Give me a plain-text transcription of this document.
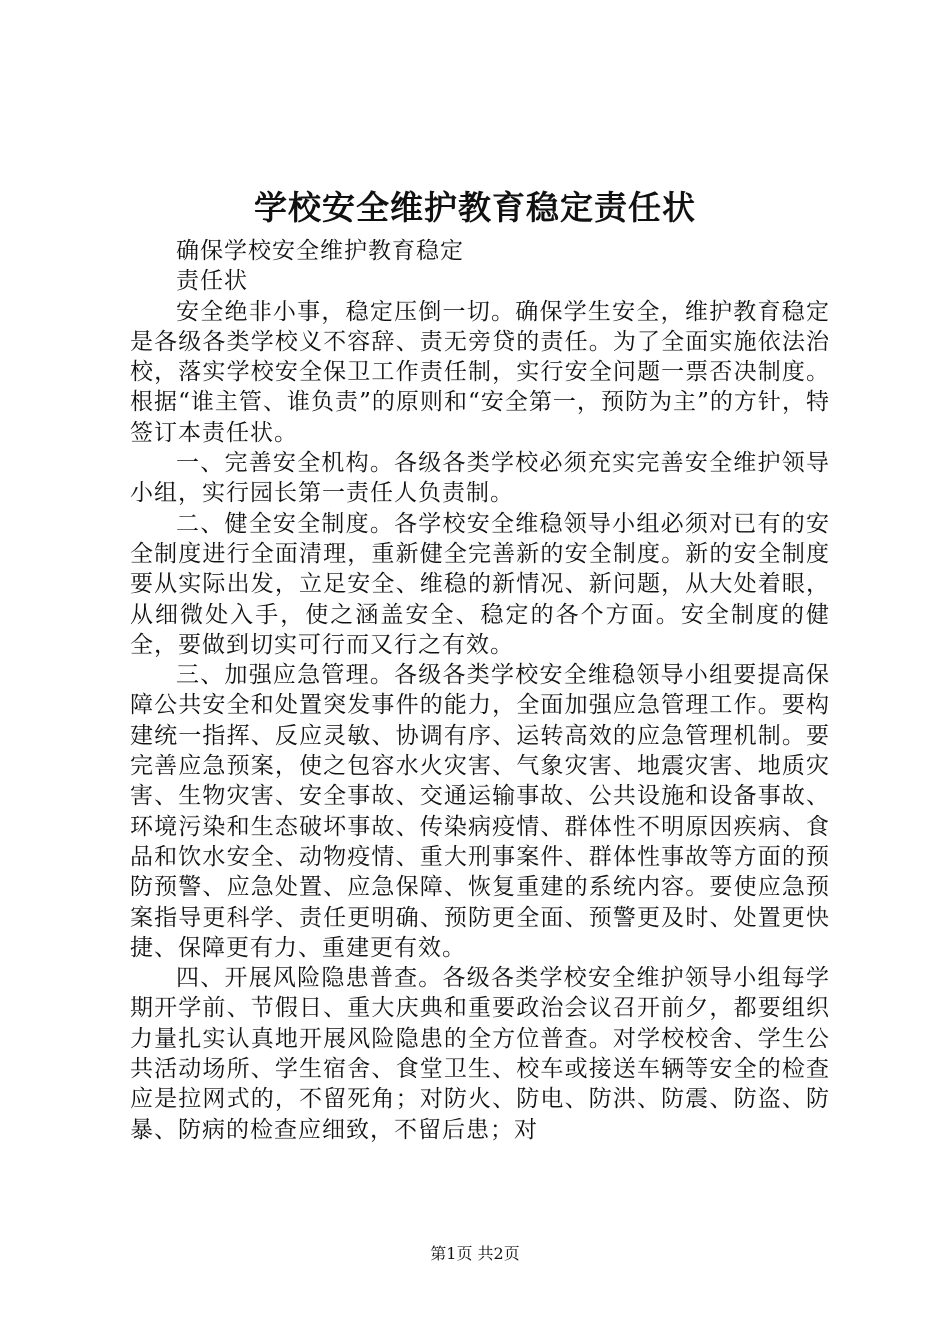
学校安全维护教育稳定责任状

确保学校安全维护教育稳定

责任状

安全绝非小事，稳定压倒一切。确保学生安全，维护教育稳定是各级各类学校义不容辞、责无旁贷的责任。为了全面实施依法治校，落实学校安全保卫工作责任制，实行安全问题一票否决制度。根据“谁主管、谁负责”的原则和“安全第一，预防为主”的方针，特签订本责任状。

一、完善安全机构。各级各类学校必须充实完善安全维护领导小组，实行园长第一责任人负责制。

二、健全安全制度。各学校安全维稳领导小组必须对已有的安全制度进行全面清理，重新健全完善新的安全制度。新的安全制度要从实际出发，立足安全、维稳的新情况、新问题，从大处着眼，从细微处入手，使之涵盖安全、稳定的各个方面。安全制度的健全，要做到切实可行而又行之有效。

三、加强应急管理。各级各类学校安全维稳领导小组要提高保障公共安全和处置突发事件的能力，全面加强应急管理工作。要构建统一指挥、反应灵敏、协调有序、运转高效的应急管理机制。要完善应急预案，使之包容水火灾害、气象灾害、地震灾害、地质灾害、生物灾害、安全事故、交通运输事故、公共设施和设备事故、环境污染和生态破坏事故、传染病疫情、群体性不明原因疾病、食品和饮水安全、动物疫情、重大刑事案件、群体性事故等方面的预防预警、应急处置、应急保障、恢复重建的系统内容。要使应急预案指导更科学、责任更明确、预防更全面、预警更及时、处置更快捷、保障更有力、重建更有效。

四、开展风险隐患普查。各级各类学校安全维护领导小组每学期开学前、节假日、重大庆典和重要政治会议召开前夕，都要组织力量扎实认真地开展风险隐患的全方位普查。对学校校舍、学生公共活动场所、学生宿舍、食堂卫生、校车或接送车辆等安全的检查应是拉网式的，不留死角；对防火、防电、防洪、防震、防盗、防暴、防病的检查应细致，不留后患；对

第1页 共2页
